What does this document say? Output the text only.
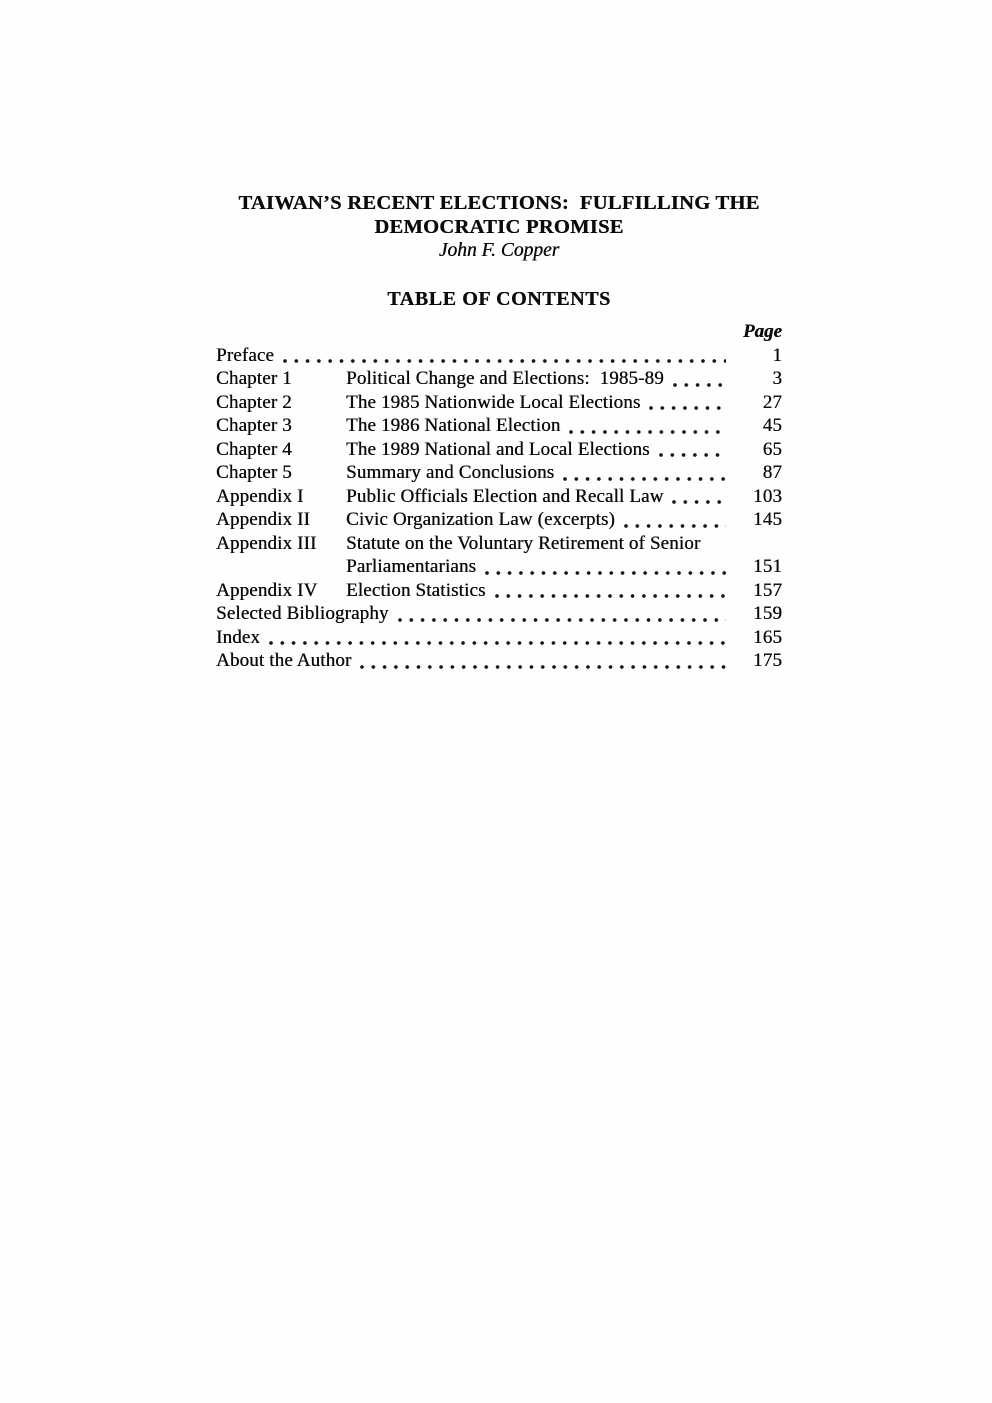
TAIWAN’S RECENT ELECTIONS:  FULFILLING THE
DEMOCRATIC PROMISE
John F. Copper
TABLE OF CONTENTS
Page
Preface	1
Chapter 1	Political Change and Elections:  1985-89	3
Chapter 2	The 1985 Nationwide Local Elections	27
Chapter 3	The 1986 National Election	45
Chapter 4	The 1989 National and Local Elections	65
Chapter 5	Summary and Conclusions	87
Appendix I	Public Officials Election and Recall Law	103
Appendix II	Civic Organization Law (excerpts)	145
Appendix III	Statute on the Voluntary Retirement of Senior
Parliamentarians	151
Appendix IV	Election Statistics	157
Selected Bibliography	159
Index	165
About the Author	175
